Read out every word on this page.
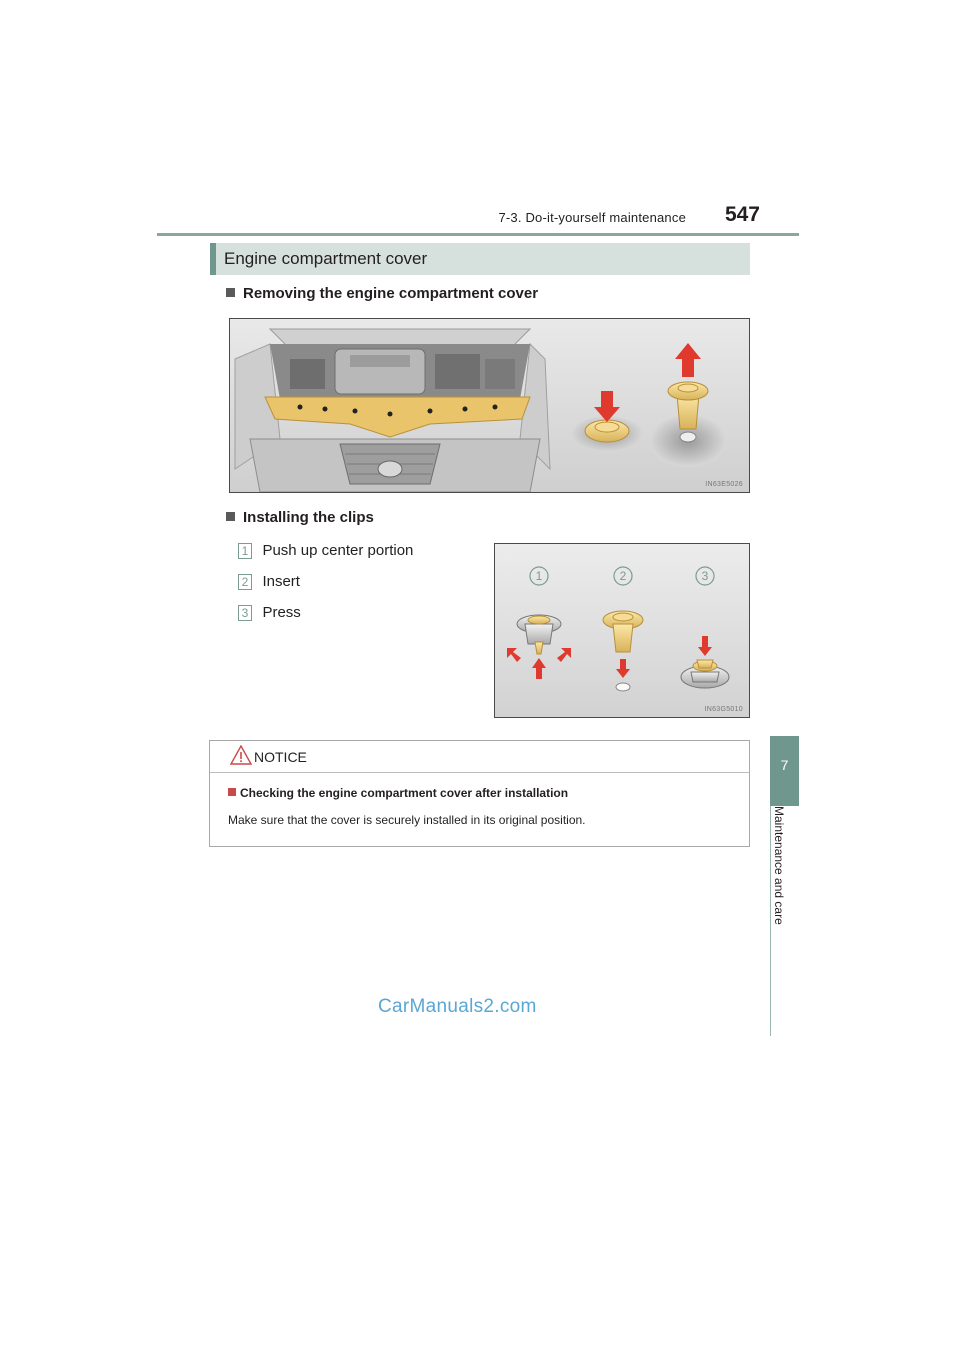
7-3. Do-it-yourself maintenance	547
7
Maintenance and care
Engine compartment cover
Removing the engine compartment cover
IN63E5026
Installing the clips
1 Push up center portion
2 Insert
3 Press
1	2	3
IN63G5010
NOTICE
Checking the engine compartment cover after installation
Make sure that the cover is securely installed in its original position.
CarManuals2.com
